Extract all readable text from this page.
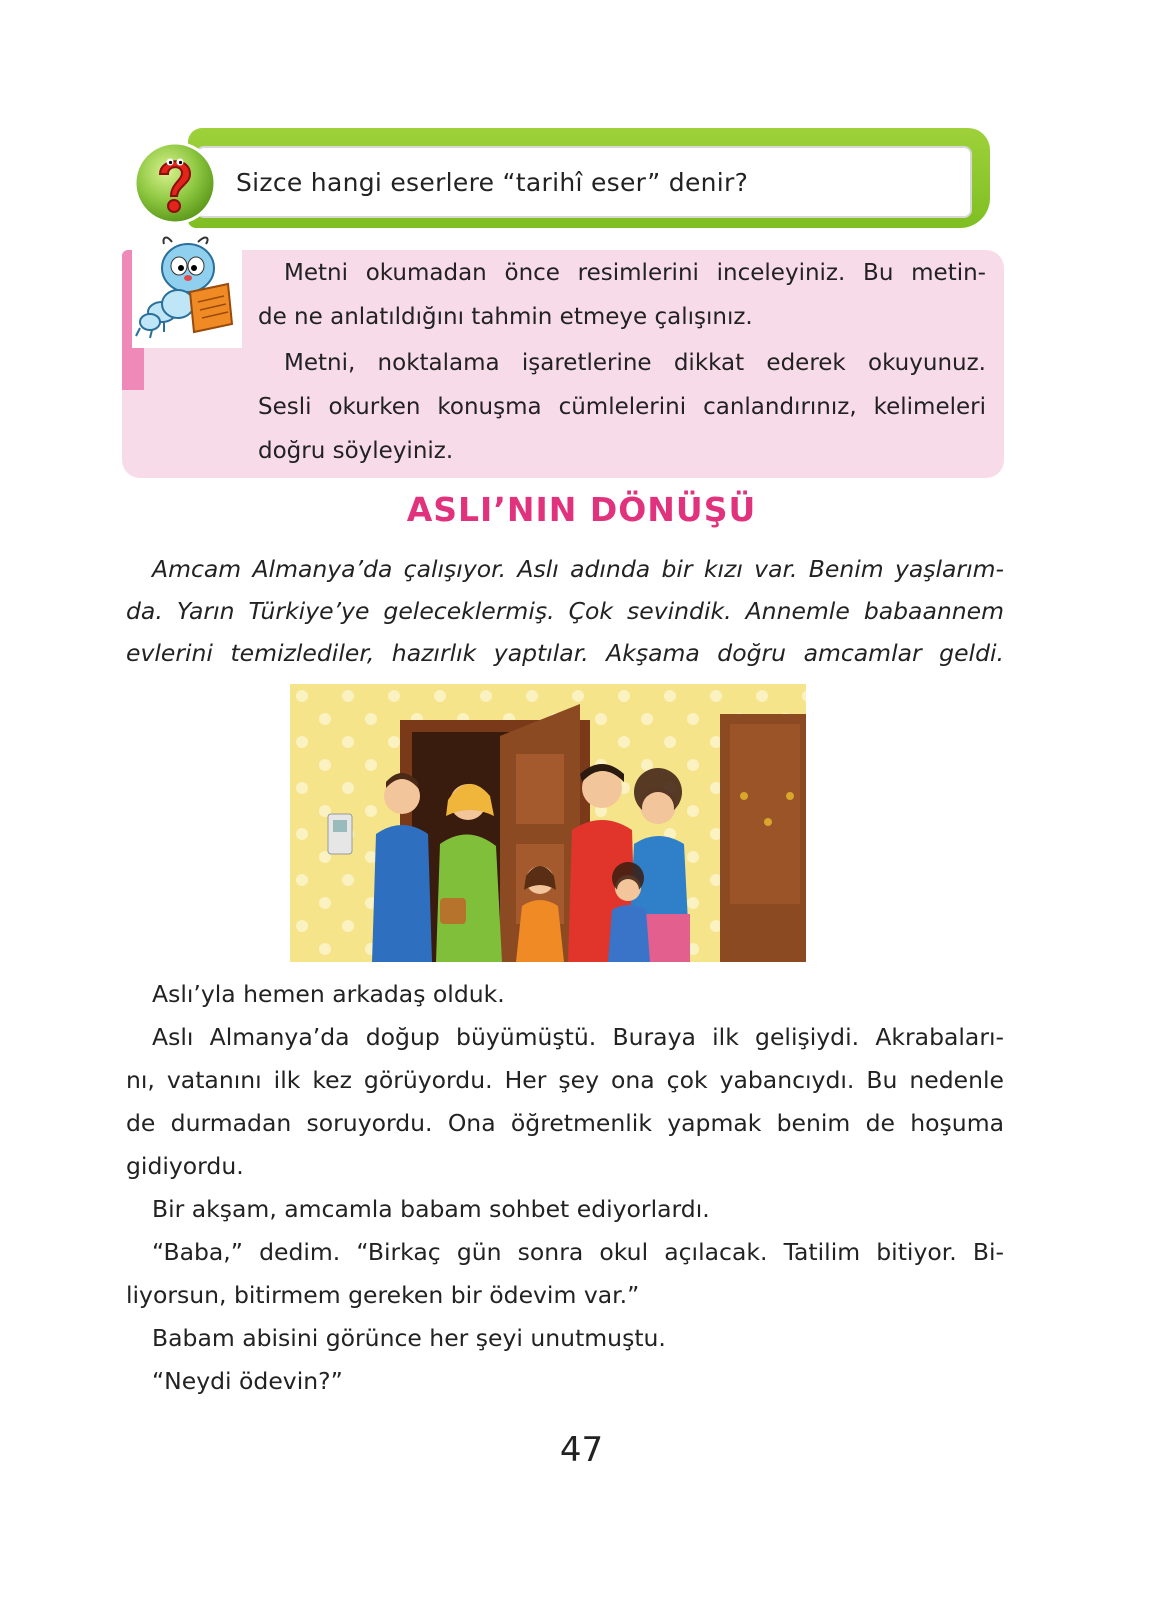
Sizce hangi eserlere “tarihî eser” denir?

Metni okumadan önce resimlerini inceleyiniz. Bu metin-

de ne anlatıldığını tahmin etmeye çalışınız.

Metni, noktalama işaretlerine dikkat ederek okuyunuz.

Sesli okurken konuşma cümlelerini canlandırınız, kelimeleri

doğru söyleyiniz.

ASLI’NIN DÖNÜŞÜ
Amcam Almanya’da çalışıyor. Aslı adında bir kızı var. Benim yaşlarım-
da. Yarın Türkiye’ye geleceklermiş. Çok sevindik. Annemle babaannem
evlerini temizlediler, hazırlık yaptılar. Akşama doğru amcamlar geldi.
Aslı’yla hemen arkadaş olduk.
Aslı Almanya’da doğup büyümüştü. Buraya ilk gelişiydi. Akrabaları-
nı, vatanını ilk kez görüyordu. Her şey ona çok yabancıydı. Bu nedenle
de durmadan soruyordu. Ona öğretmenlik yapmak benim de hoşuma
gidiyordu.
Bir akşam, amcamla babam sohbet ediyorlardı.
“Baba,” dedim. “Birkaç gün sonra okul açılacak. Tatilim bitiyor. Bi-
liyorsun, bitirmem gereken bir ödevim var.”
Babam abisini görünce her şeyi unutmuştu.
“Neydi ödevin?”
47
